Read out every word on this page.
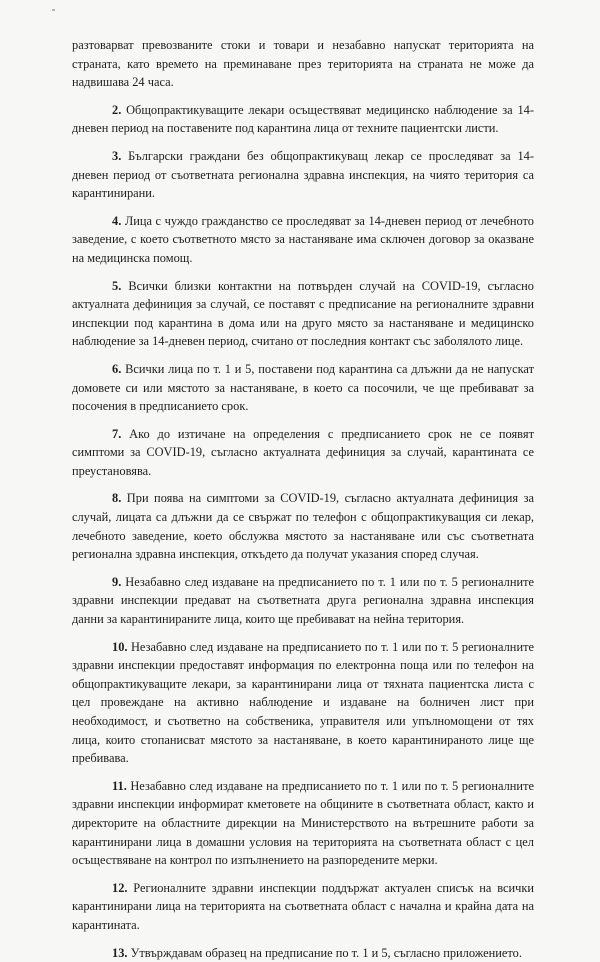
разтоварват превозваните стоки и товари и незабавно напускат територията на страната, като времето на преминаване през територията на страната не може да надвишава 24 часа.

2. Общопрактикуващите лекари осъществяват медицинско наблюдение за 14-дневен период на поставените под карантина лица от техните пациентски листи.

3. Български граждани без общопрактикуващ лекар се проследяват за 14-дневен период от съответната регионална здравна инспекция, на чиято територия са карантинирани.

4. Лица с чуждо гражданство се проследяват за 14-дневен период от лечебното заведение, с което съответното място за настаняване има сключен договор за оказване на медицинска помощ.

5. Всички близки контактни на потвърден случай на COVID-19, съгласно актуалната дефиниция за случай, се поставят с предписание на регионалните здравни инспекции под карантина в дома или на друго място за настаняване и медицинско наблюдение за 14-дневен период, считано от последния контакт със заболялото лице.

6. Всички лица по т. 1 и 5, поставени под карантина са длъжни да не напускат домовете си или мястото за настаняване, в което са посочили, че ще пребивават за посочения в предписанието срок.

7. Ако до изтичане на определения с предписанието срок не се появят симптоми за COVID-19, съгласно актуалната дефиниция за случай, карантината се преустановява.

8. При поява на симптоми за COVID-19, съгласно актуалната дефиниция за случай, лицата са длъжни да се свържат по телефон с общопрактикуващия си лекар, лечебното заведение, което обслужва мястото за настаняване или със съответната регионална здравна инспекция, откъдето да получат указания според случая.

9. Незабавно след издаване на предписанието по т. 1 или по т. 5 регионалните здравни инспекции предават на съответната друга регионална здравна инспекция данни за карантинираните лица, които ще пребивават на нейна територия.

10. Незабавно след издаване на предписанието по т. 1 или по т. 5 регионалните здравни инспекции предоставят информация по електронна поща или по телефон на общопрактикуващите лекари, за карантинирани лица от тяхната пациентска листа с цел провеждане на активно наблюдение и издаване на болничен лист при необходимост, и съответно на собственика, управителя или упълномощени от тях лица, които стопанисват мястото за настаняване, в което карантинираното лице ще пребивава.

11. Незабавно след издаване на предписанието по т. 1 или по т. 5 регионалните здравни инспекции информират кметовете на общините в съответната област, както и директорите на областните дирекции на Министерството на вътрешните работи за карантинирани лица в домашни условия на територията на съответната област с цел осъществяване на контрол по изпълнението на разпоредените мерки.

12. Регионалните здравни инспекции поддържат актуален списък на всички карантинирани лица на територията на съответната област с начална и крайна дата на карантината.

13. Утвърждавам образец на предписание по т. 1 и 5, съгласно приложението.
